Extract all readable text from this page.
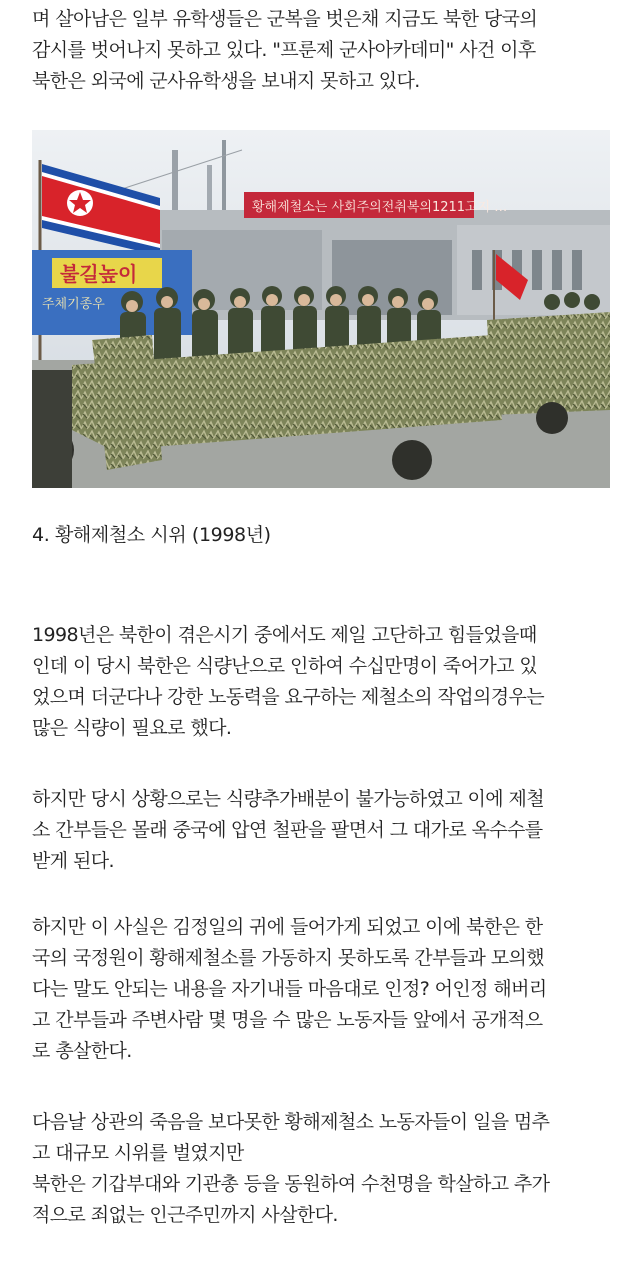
며 살아남은 일부 유학생들은 군복을 벗은채 지금도 북한 당국의
감시를 벗어나지 못하고 있다. "프룬제 군사아카데미" 사건 이후
북한은 외국에 군사유학생을 보내지 못하고 있다.

황해제철소는 사회주의전취복의1211고지 …
불길높이
주체기종우
4. 황해제철소 시위 (1998년)

1998년은 북한이 겪은시기 중에서도 제일 고단하고 힘들었을때
인데 이 당시 북한은 식량난으로 인하여 수십만명이 죽어가고 있
었으며 더군다나 강한 노동력을 요구하는 제철소의 작업의경우는
많은 식량이 필요로 했다.

하지만 당시 상황으로는 식량추가배분이 불가능하였고 이에 제철
소 간부들은 몰래 중국에 압연 철판을 팔면서 그 대가로 옥수수를
받게 된다.

하지만 이 사실은 김정일의 귀에 들어가게 되었고 이에 북한은 한
국의 국정원이 황해제철소를 가동하지 못하도록 간부들과 모의했
다는 말도 안되는 내용을 자기내들 마음대로 인정? 어인정 해버리
고 간부들과 주변사람 몇 명을 수 많은 노동자들 앞에서 공개적으
로 총살한다.

다음날 상관의 죽음을 보다못한 황해제철소 노동자들이 일을 멈추
고 대규모 시위를 벌였지만
북한은 기갑부대와 기관총 등을 동원하여 수천명을 학살하고 추가
적으로 죄없는 인근주민까지 사살한다.
